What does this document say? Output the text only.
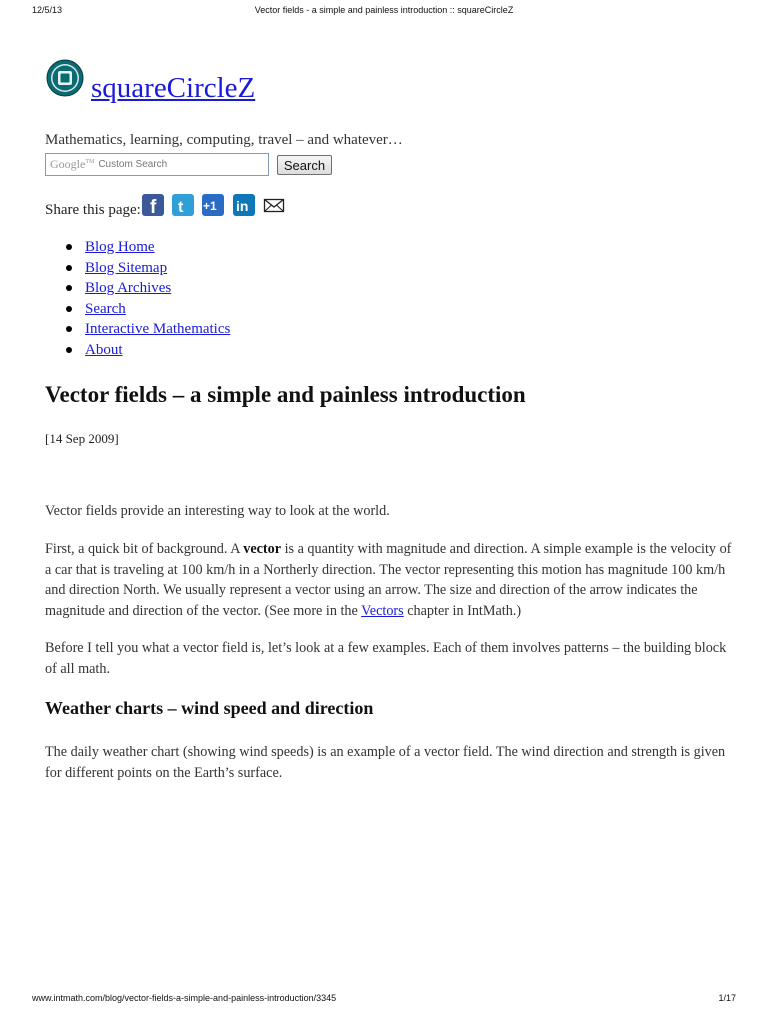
12/5/13	Vector fields - a simple and painless introduction :: squareCircleZ
squareCircleZ
Mathematics, learning, computing, travel – and whatever…
Google™ Custom Search	Search
Share this page: f t +1 in
Blog Home
Blog Sitemap
Blog Archives
Search
Interactive Mathematics
About
Vector fields – a simple and painless introduction
[14 Sep 2009]

Vector fields provide an interesting way to look at the world.

First, a quick bit of background. A vector is a quantity with magnitude and direction. A simple example is the velocity of a car that is traveling at 100 km/h in a Northerly direction. The vector representing this motion has magnitude 100 km/h and direction North. We usually represent a vector using an arrow. The size and direction of the arrow indicates the magnitude and direction of the vector. (See more in the Vectors chapter in IntMath.)

Before I tell you what a vector field is, let’s look at a few examples. Each of them involves patterns – the building block of all math.

Weather charts – wind speed and direction

The daily weather chart (showing wind speeds) is an example of a vector field. The wind direction and strength is given for different points on the Earth’s surface.

www.intmath.com/blog/vector-fields-a-simple-and-painless-introduction/3345	1/17
